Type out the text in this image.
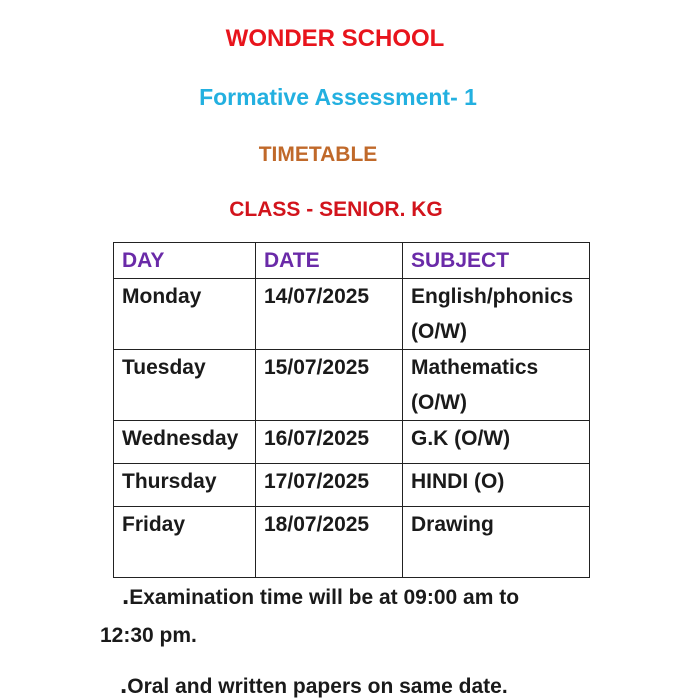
WONDER SCHOOL
Formative Assessment- 1
TIMETABLE
CLASS - SENIOR. KG
DAY	DATE	SUBJECT
Monday	14/07/2025	English/phonics
(O/W)

Tuesday	15/07/2025	Mathematics
(O/W)

Wednesday	16/07/2025	G.K (O/W)
Thursday	17/07/2025	HINDI (O)
Friday	18/07/2025	Drawing

.Examination time will be at 09:00 am to
12:30 pm.

.Oral and written papers on same date.
